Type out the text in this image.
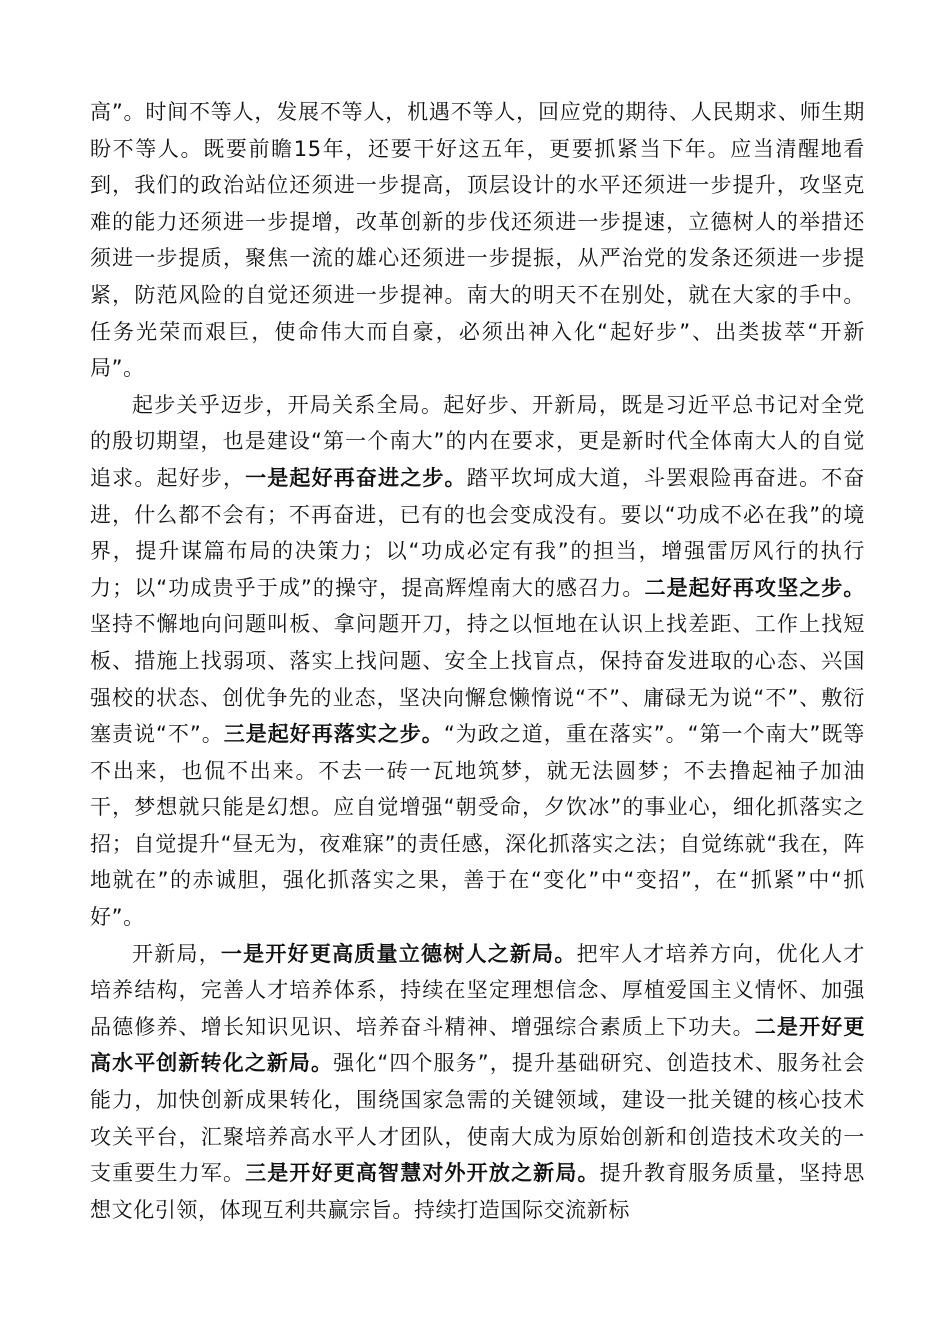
高”。时间不等人，发展不等人，机遇不等人，回应党的期待、人民期求、师生期盼不等人。既要前瞻15年，还要干好这五年，更要抓紧当下年。应当清醒地看到，我们的政治站位还须进一步提高，顶层设计的水平还须进一步提升，攻坚克难的能力还须进一步提增，改革创新的步伐还须进一步提速，立德树人的举措还须进一步提质，聚焦一流的雄心还须进一步提振，从严治党的发条还须进一步提紧，防范风险的自觉还须进一步提神。南大的明天不在别处，就在大家的手中。任务光荣而艰巨，使命伟大而自豪，必须出神入化“起好步”、出类拔萃“开新局”。

起步关乎迈步，开局关系全局。起好步、开新局，既是习近平总书记对全党的殷切期望，也是建设“第一个南大”的内在要求，更是新时代全体南大人的自觉追求。起好步，一是起好再奋进之步。踏平坎坷成大道，斗罢艰险再奋进。不奋进，什么都不会有；不再奋进，已有的也会变成没有。要以“功成不必在我”的境界，提升谋篇布局的决策力；以“功成必定有我”的担当，增强雷厉风行的执行力；以“功成贵乎于成”的操守，提高辉煌南大的感召力。二是起好再攻坚之步。坚持不懈地向问题叫板、拿问题开刀，持之以恒地在认识上找差距、工作上找短板、措施上找弱项、落实上找问题、安全上找盲点，保持奋发进取的心态、兴国强校的状态、创优争先的业态，坚决向懈怠懒惰说“不”、庸碌无为说“不”、敷衍塞责说“不”。三是起好再落实之步。“为政之道，重在落实”。“第一个南大”既等不出来，也侃不出来。不去一砖一瓦地筑梦，就无法圆梦；不去撸起袖子加油干，梦想就只能是幻想。应自觉增强“朝受命，夕饮冰”的事业心，细化抓落实之招；自觉提升“昼无为，夜难寐”的责任感，深化抓落实之法；自觉练就“我在，阵地就在”的赤诚胆，强化抓落实之果，善于在“变化”中“变招”，在“抓紧”中“抓好”。

开新局，一是开好更高质量立德树人之新局。把牢人才培养方向，优化人才培养结构，完善人才培养体系，持续在坚定理想信念、厚植爱国主义情怀、加强品德修养、增长知识见识、培养奋斗精神、增强综合素质上下功夫。二是开好更高水平创新转化之新局。强化“四个服务”，提升基础研究、创造技术、服务社会能力，加快创新成果转化，围绕国家急需的关键领域，建设一批关键的核心技术攻关平台，汇聚培养高水平人才团队，使南大成为原始创新和创造技术攻关的一支重要生力军。三是开好更高智慧对外开放之新局。提升教育服务质量，坚持思想文化引领，体现互利共赢宗旨。持续打造国际交流新标
